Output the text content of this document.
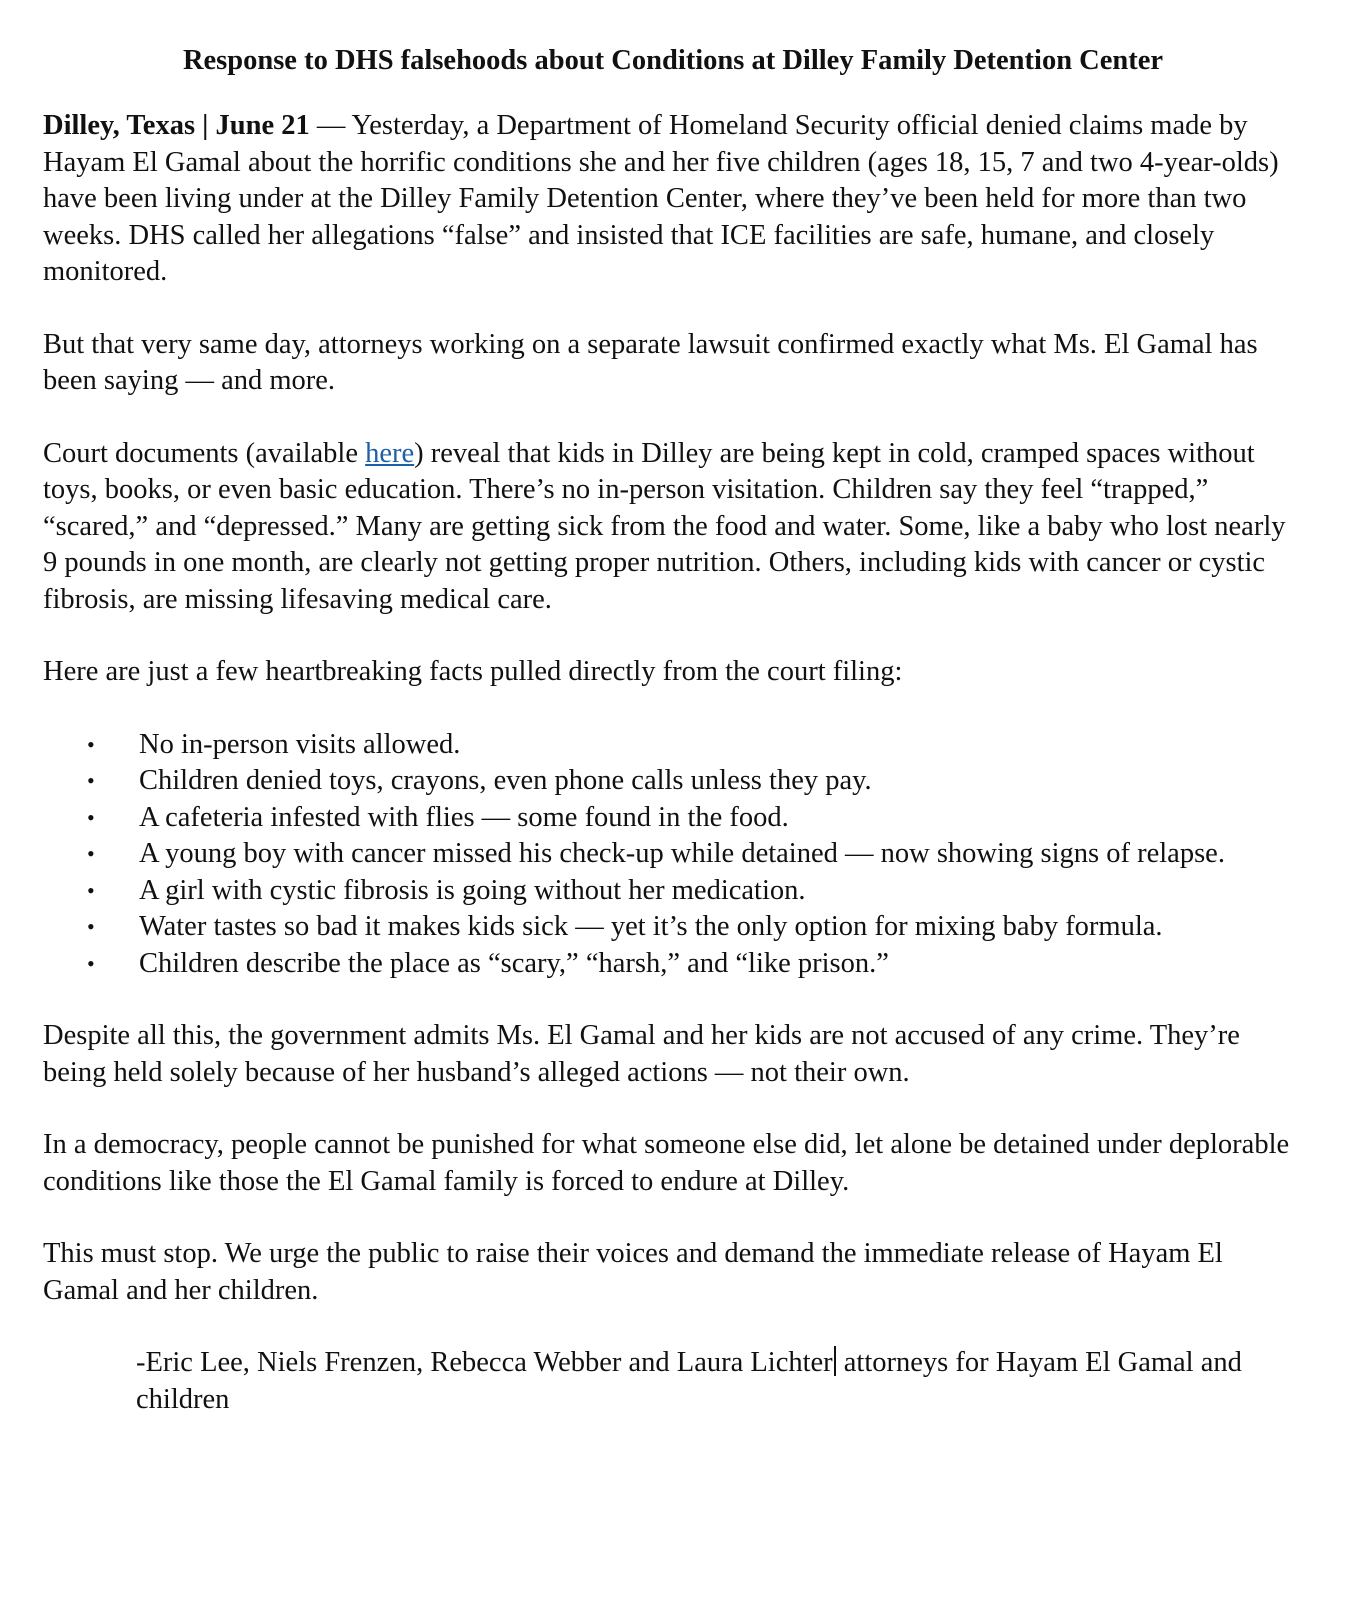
Response to DHS falsehoods about Conditions at Dilley Family Detention Center

Dilley, Texas | June 21 — Yesterday, a Department of Homeland Security official denied claims made by Hayam El Gamal about the horrific conditions she and her five children (ages 18, 15, 7 and two 4-year-olds) have been living under at the Dilley Family Detention Center, where they’ve been held for more than two weeks. DHS called her allegations “false” and insisted that ICE facilities are safe, humane, and closely monitored.

But that very same day, attorneys working on a separate lawsuit confirmed exactly what Ms. El Gamal has been saying — and more.

Court documents (available here) reveal that kids in Dilley are being kept in cold, cramped spaces without toys, books, or even basic education. There’s no in-person visitation. Children say they feel “trapped,” “scared,” and “depressed.” Many are getting sick from the food and water. Some, like a baby who lost nearly 9 pounds in one month, are clearly not getting proper nutrition. Others, including kids with cancer or cystic fibrosis, are missing lifesaving medical care.

Here are just a few heartbreaking facts pulled directly from the court filing:

• No in-person visits allowed.
• Children denied toys, crayons, even phone calls unless they pay.
• A cafeteria infested with flies — some found in the food.
• A young boy with cancer missed his check-up while detained — now showing signs of relapse.
• A girl with cystic fibrosis is going without her medication.
• Water tastes so bad it makes kids sick — yet it’s the only option for mixing baby formula.
• Children describe the place as “scary,” “harsh,” and “like prison.”

Despite all this, the government admits Ms. El Gamal and her kids are not accused of any crime. They’re being held solely because of her husband’s alleged actions — not their own.

In a democracy, people cannot be punished for what someone else did, let alone be detained under deplorable conditions like those the El Gamal family is forced to endure at Dilley.

This must stop. We urge the public to raise their voices and demand the immediate release of Hayam El Gamal and her children.

-Eric Lee, Niels Frenzen, Rebecca Webber and Laura Lichter attorneys for Hayam El Gamal and children
